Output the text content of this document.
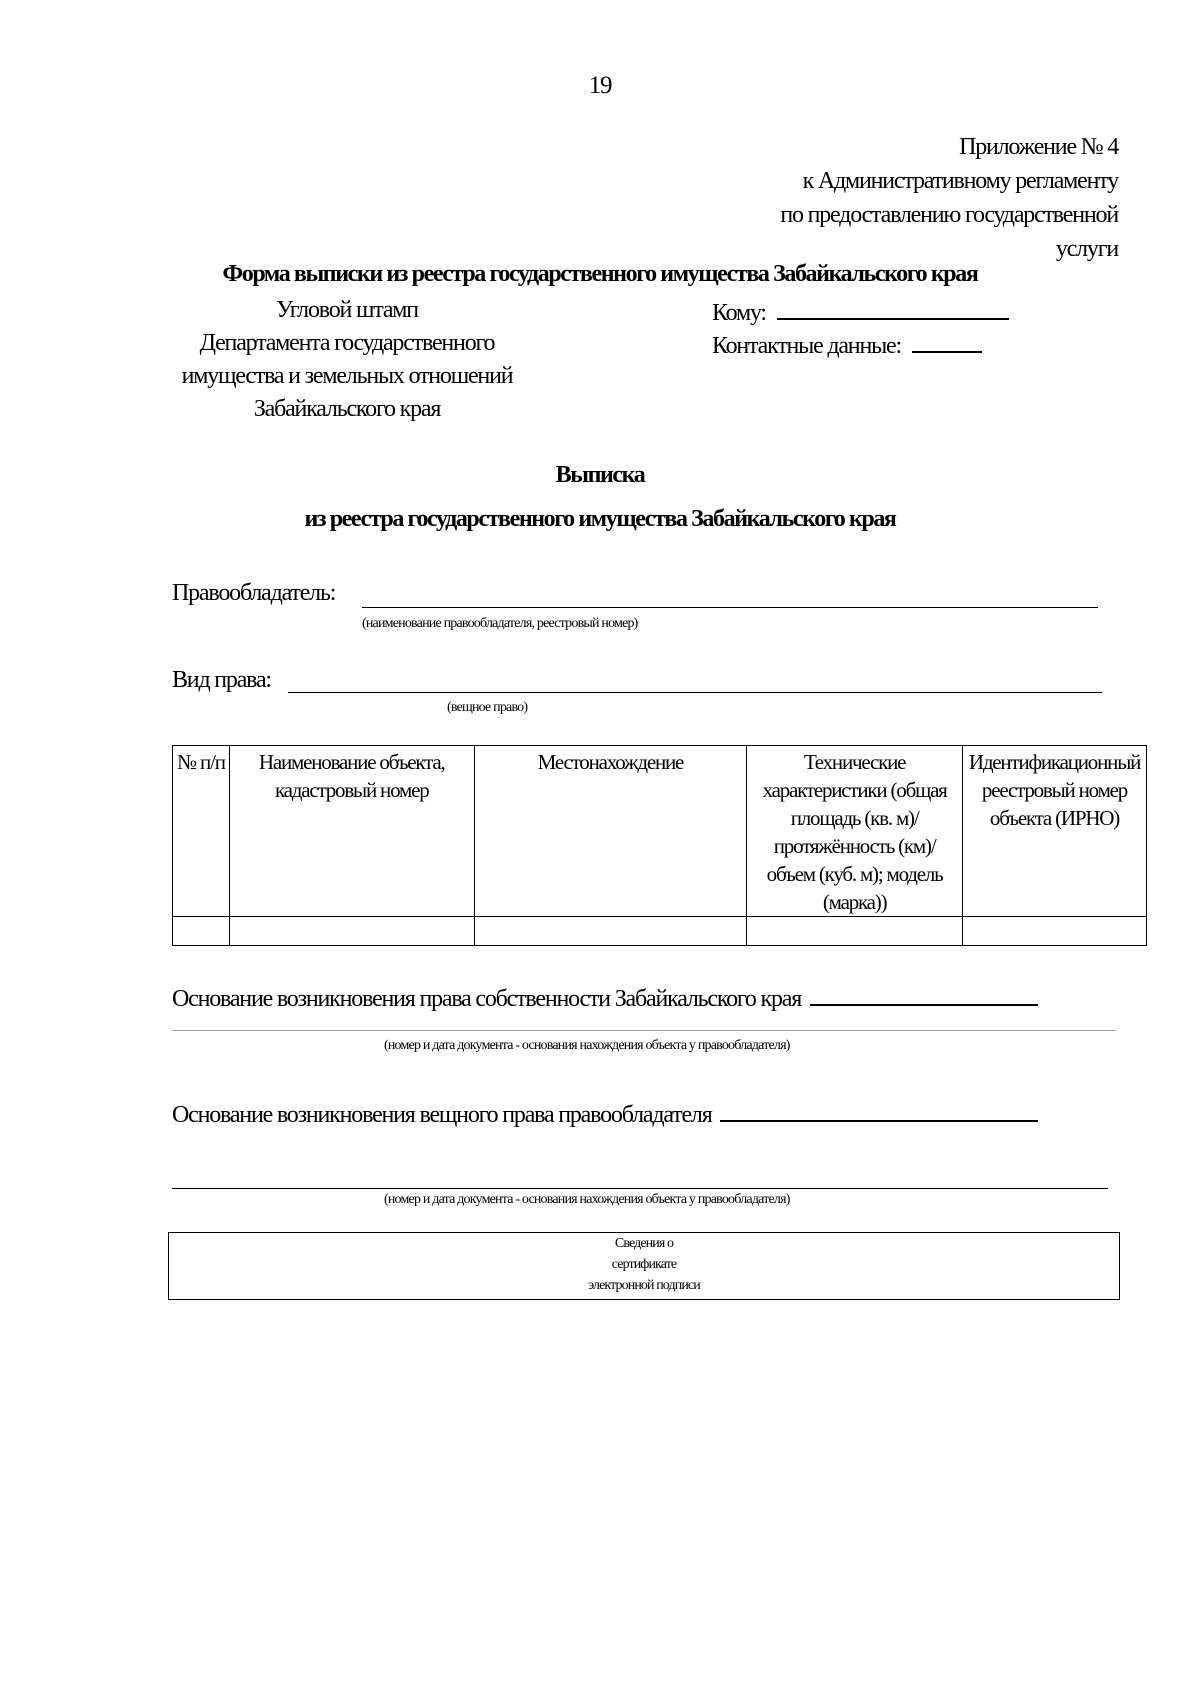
19
Приложение № 4
к Административному регламенту
по предоставлению государственной
услуги
Форма выписки из реестра государственного имущества Забайкальского края
Угловой штамп
Департамента государственного
имущества и земельных отношений
Забайкальского края
Кому:
Контактные данные:
Выписка
из реестра государственного имущества Забайкальского края
Правообладатель:
(наименование правообладателя, реестровый номер)
Вид права:
(вещное право)
№ п/п	Наименование объекта, кадастровый номер	Местонахождение	Технические характеристики (общая площадь (кв. м)/ протяжённость (км)/ объем (куб. м); модель (марка))	Идентификационный реестровый номер объекта (ИРНО)

Основание возникновения права собственности Забайкальского края
(номер и дата документа - основания нахождения объекта у правообладателя)
Основание возникновения вещного права правообладателя
(номер и дата документа - основания нахождения объекта у правообладателя)
Сведения о
сертификате
электронной подписи
